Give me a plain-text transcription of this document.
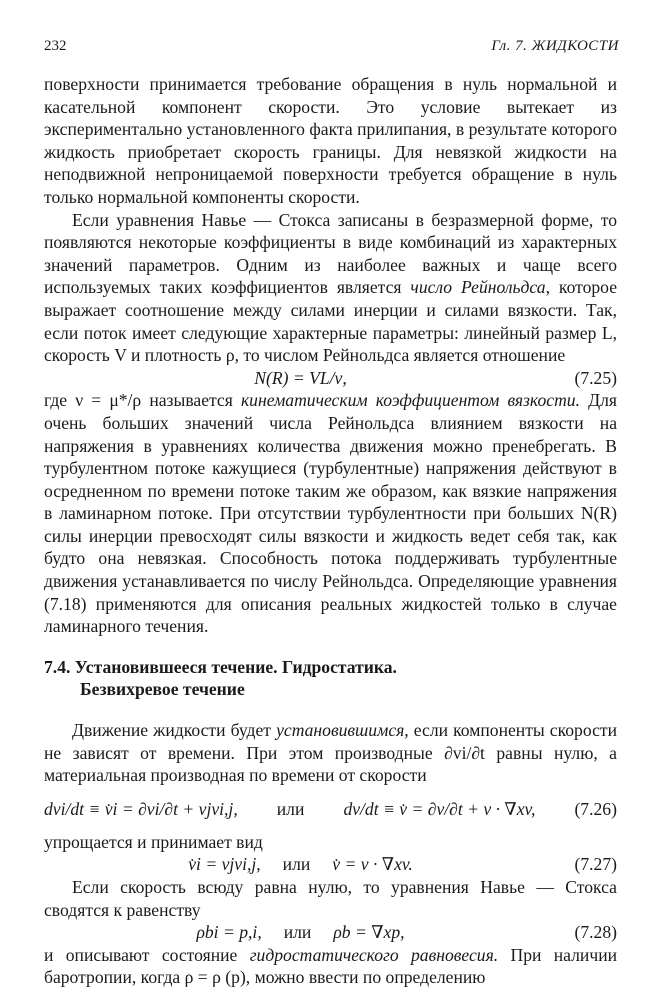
232	Гл. 7. ЖИДКОСТИ

поверхности принимается требование обращения в нуль нормальной и касательной компонент скорости. Это условие вытекает из экспериментально установленного факта прилипания, в результате которого жидкость приобретает скорость границы. Для невязкой жидкости на неподвижной непроницаемой поверхности требуется обращение в нуль только нормальной компоненты скорости.

Если уравнения Навье — Стокса записаны в безразмерной форме, то появляются некоторые коэффициенты в виде комбинаций из характерных значений параметров. Одним из наиболее важных и чаще всего используемых таких коэффициентов является число Рейнольдса, которое выражает соотношение между силами инерции и силами вязкости. Так, если поток имеет следующие характерные параметры: линейный размер L, скорость V и плотность ρ, то числом Рейнольдса является отношение

N(R) = VL/ν,	(7.25)

где ν = μ*/ρ называется кинематическим коэффициентом вязкости. Для очень больших значений числа Рейнольдса влиянием вязкости на напряжения в уравнениях количества движения можно пренебрегать. В турбулентном потоке кажущиеся (турбулентные) напряжения действуют в осредненном по времени потоке таким же образом, как вязкие напряжения в ламинарном потоке. При отсутствии турбулентности при больших N(R) силы инерции превосходят силы вязкости и жидкость ведет себя так, как будто она невязкая. Способность потока поддерживать турбулентные движения устанавливается по числу Рейнольдса. Определяющие уравнения (7.18) применяются для описания реальных жидкостей только в случае ламинарного течения.

7.4. Установившееся течение. Гидростатика.
Безвихревое течение

Движение жидкости будет установившимся, если компоненты скорости не зависят от времени. При этом производные ∂vi/∂t равны нулю, а материальная производная по времени от скорости

dvi/dt ≡ v̇i = ∂vi/∂t + vjvi,j, или dv/dt ≡ v̇ = ∂v/∂t + v · ∇xv, (7.26)

упрощается и принимает вид

v̇i = vjvi,j, или v̇ = v · ∇xv.	(7.27)

Если скорость всюду равна нулю, то уравнения Навье — Стокса сводятся к равенству

ρbi = p,i, или ρb = ∇xp,	(7.28)

и описывают состояние гидростатического равновесия. При наличии баротропии, когда ρ = ρ (p), можно ввести по определению
